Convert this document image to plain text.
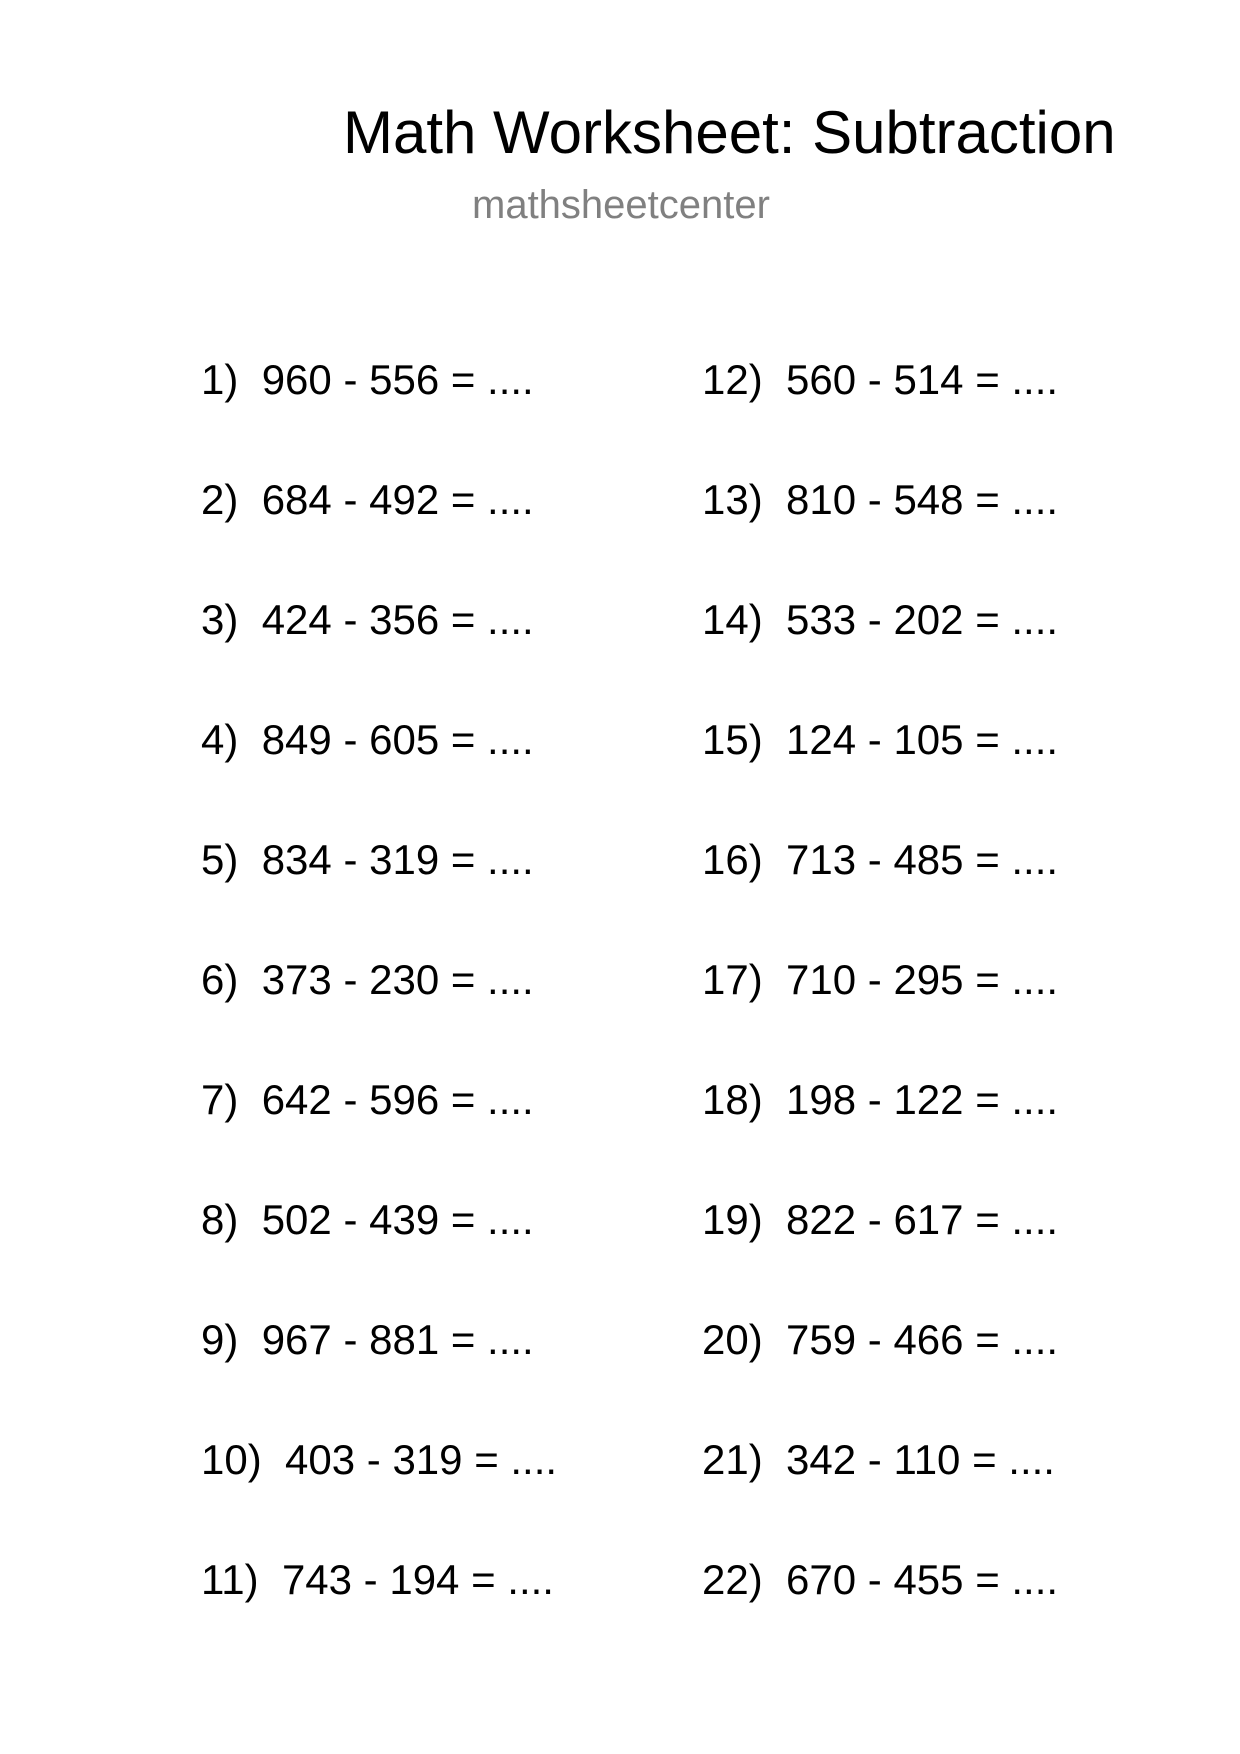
Math Worksheet: Subtraction
mathsheetcenter
1) 960 - 556 = ....
2) 684 - 492 = ....
3) 424 - 356 = ....
4) 849 - 605 = ....
5) 834 - 319 = ....
6) 373 - 230 = ....
7) 642 - 596 = ....
8) 502 - 439 = ....
9) 967 - 881 = ....
10) 403 - 319 = ....
11) 743 - 194 = ....
12) 560 - 514 = ....
13) 810 - 548 = ....
14) 533 - 202 = ....
15) 124 - 105 = ....
16) 713 - 485 = ....
17) 710 - 295 = ....
18) 198 - 122 = ....
19) 822 - 617 = ....
20) 759 - 466 = ....
21) 342 - 110 = ....
22) 670 - 455 = ....
